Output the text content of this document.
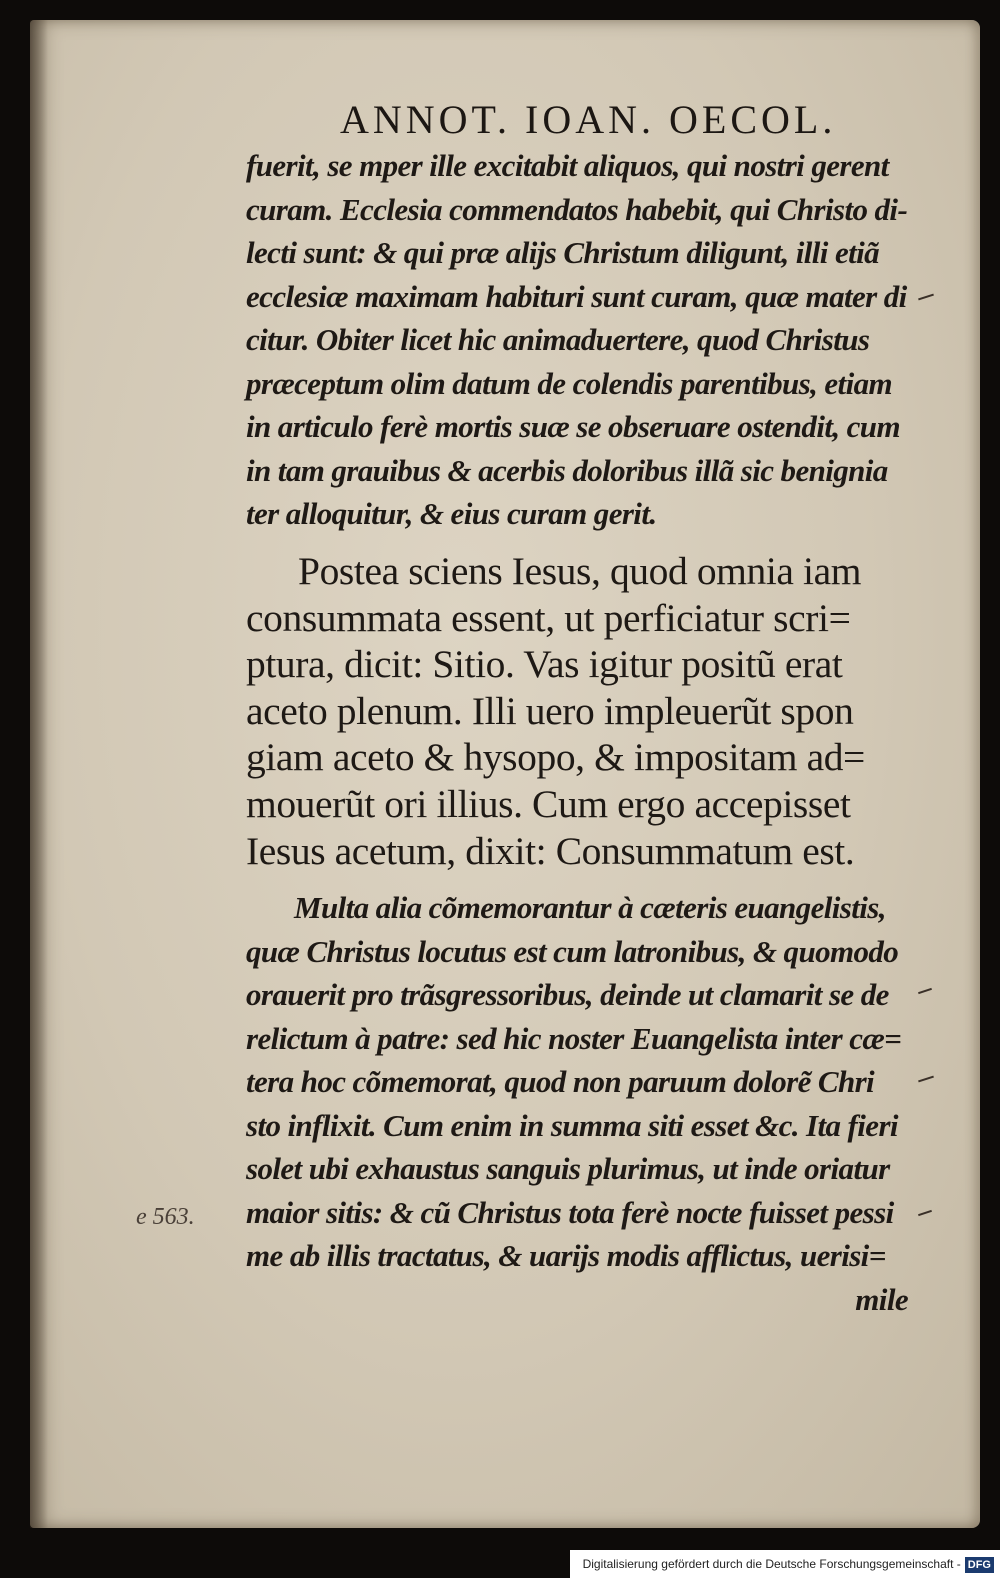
ANNOT. IOAN. OECOL.
fuerit, se mper ille excitabit aliquos, qui nostri gerent
curam. Ecclesia commendatos habebit, qui Christo di-
lecti sunt: & qui præ alijs Christum diligunt, illi etiã
ecclesiæ maximam habituri sunt curam, quæ mater di
citur. Obiter licet hic animaduertere, quod Christus
præceptum olim datum de colendis parentibus, etiam
in articulo ferè mortis suæ se obseruare ostendit, cum
in tam grauibus & acerbis doloribus illã sic benignia
ter alloquitur, & eius curam gerit.
Postea sciens Iesus, quod omnia iam
consummata essent, ut perficiatur scri=
ptura, dicit: Sitio. Vas igitur positũ erat
aceto plenum. Illi uero impleuerũt spon
giam aceto & hysopo, & impositam ad=
mouerũt ori illius. Cum ergo accepisset
Iesus acetum, dixit: Consummatum est.
Multa alia cõmemorantur à cæteris euangelistis,
quæ Christus locutus est cum latronibus, & quomodo
orauerit pro trãsgressoribus, deinde ut clamarit se de
relictum à patre: sed hic noster Euangelista inter cæ=
tera hoc cõmemorat, quod non paruum dolorẽ Chri
sto inflixit. Cum enim in summa siti esset &c. Ita fieri
solet ubi exhaustus sanguis plurimus, ut inde oriatur
maior sitis: & cũ Christus tota ferè nocte fuisset pessi
me ab illis tractatus, & uarijs modis afflictus, uerisi=
mile
e 563.
Digitalisierung gefördert durch die Deutsche Forschungsgemeinschaft - DFG
